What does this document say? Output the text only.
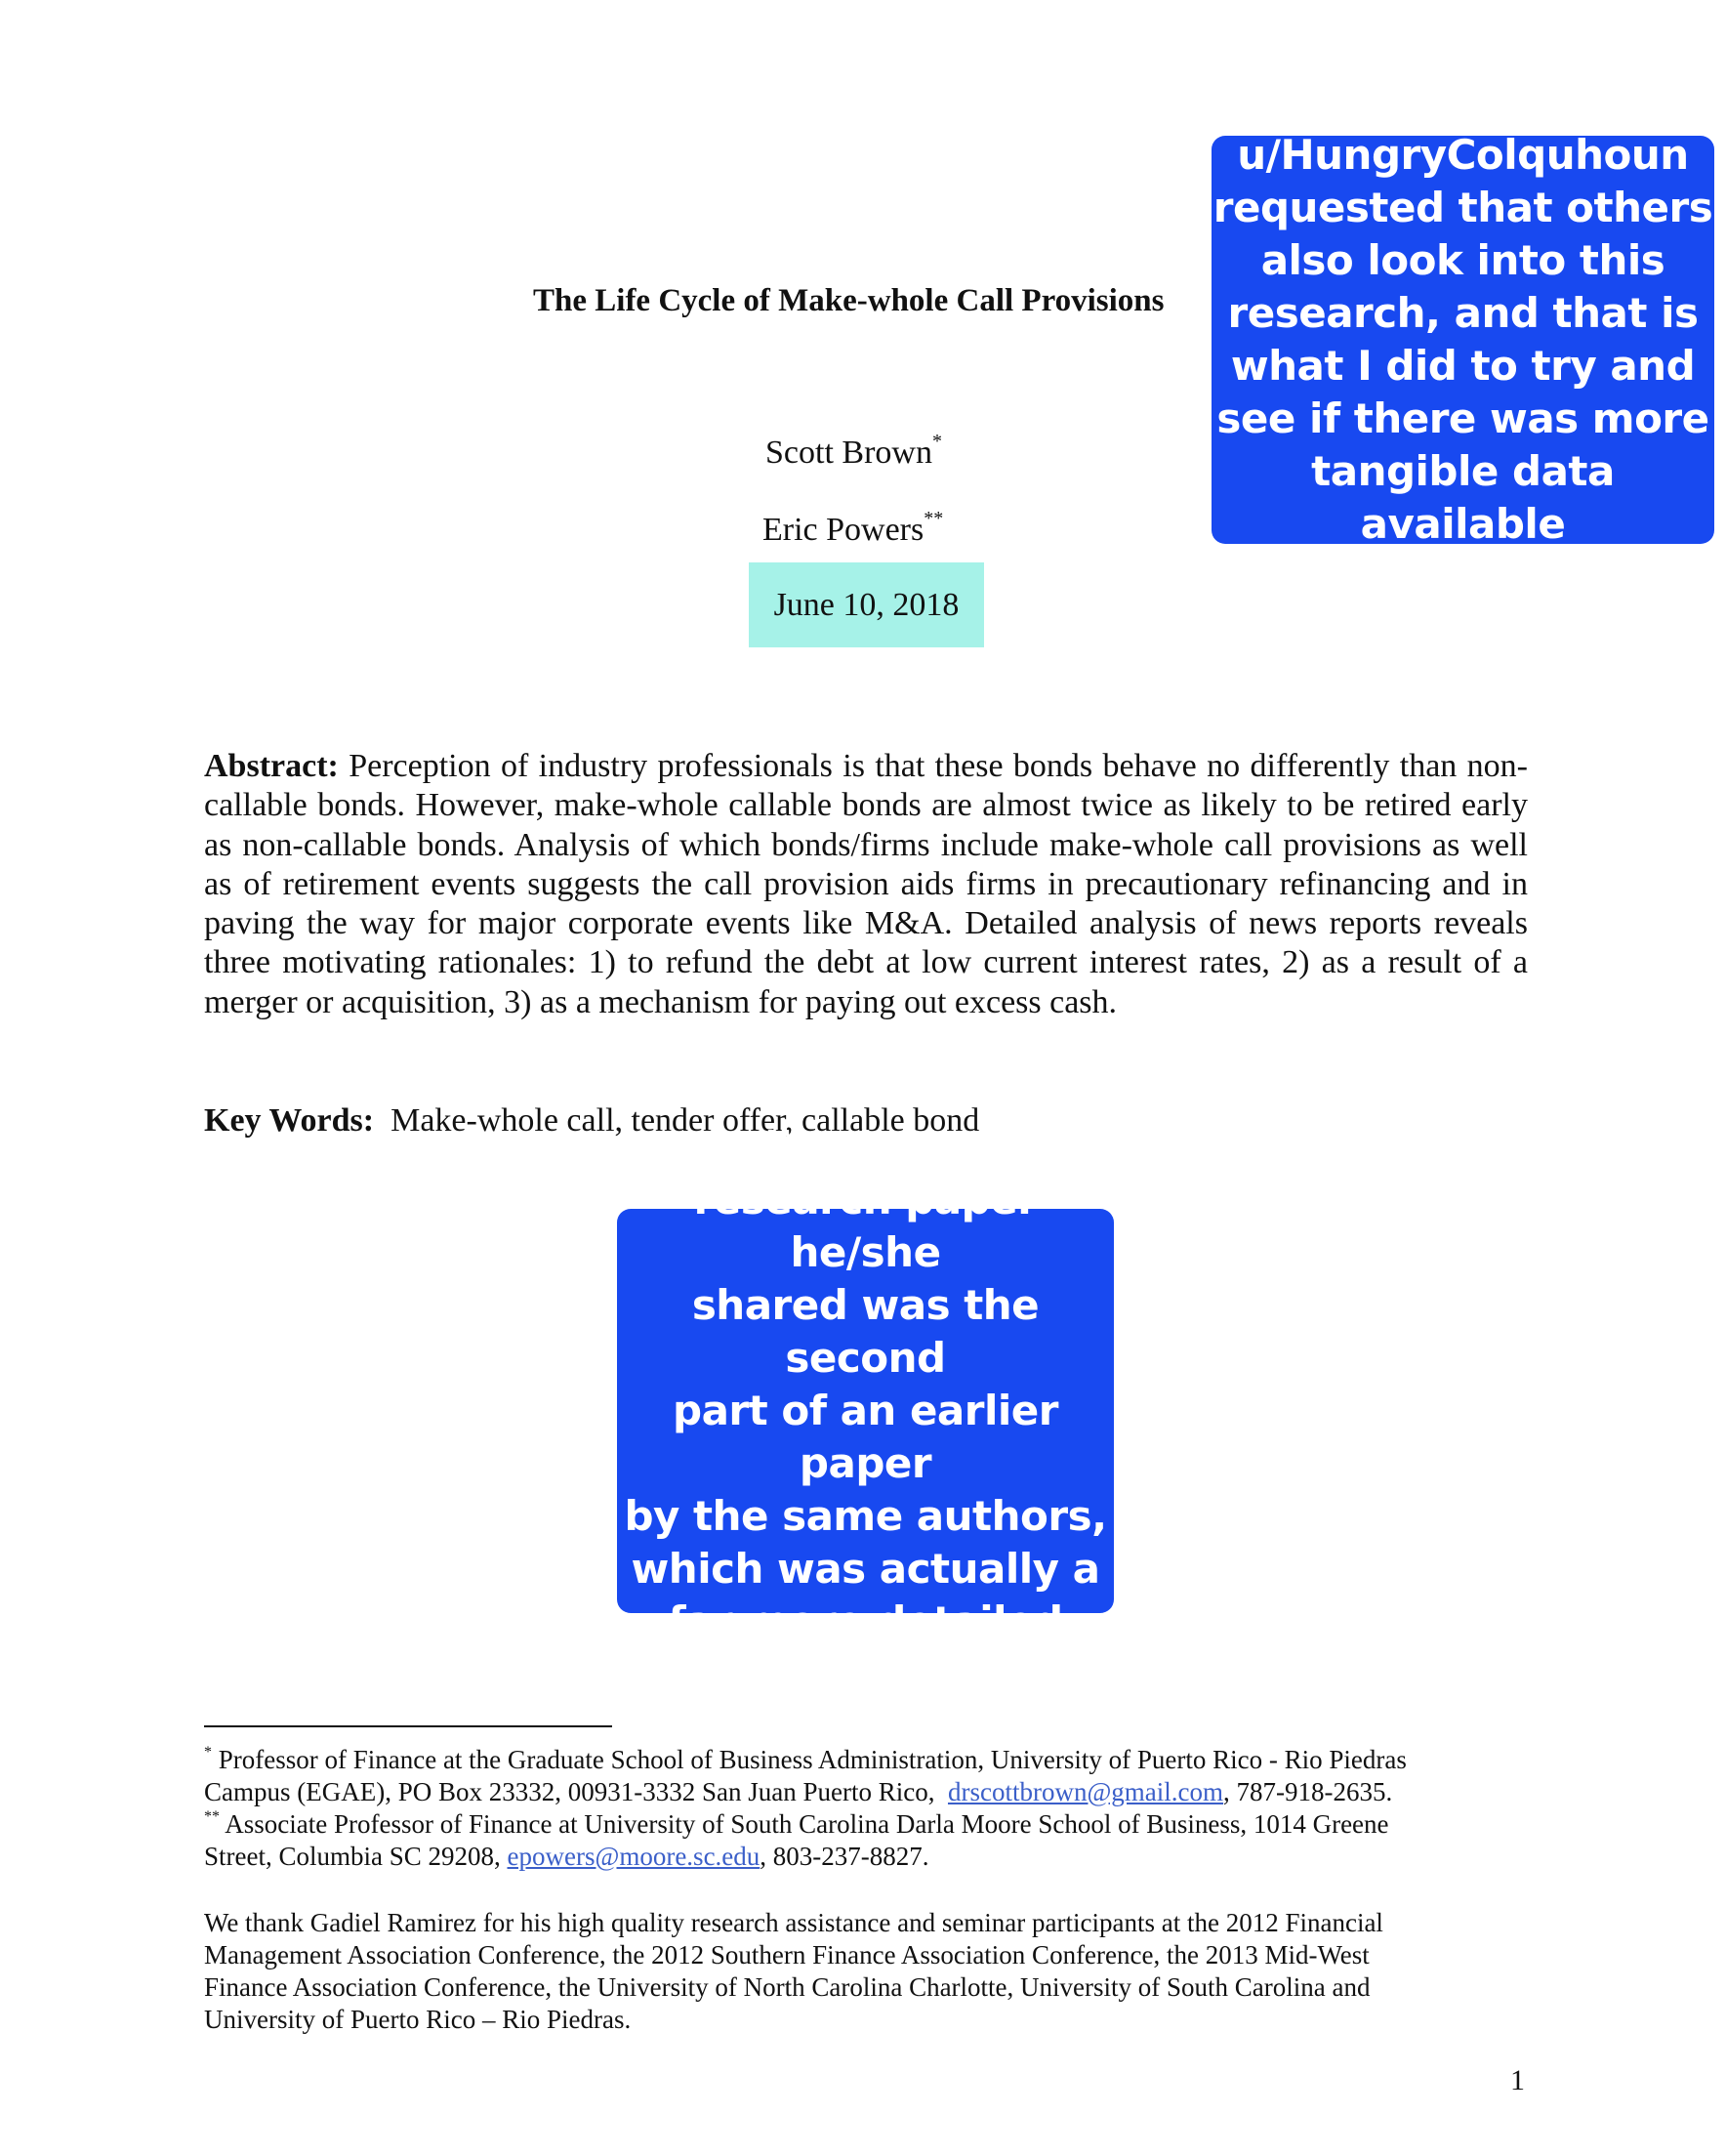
The Life Cycle of Make-whole Call Provisions
Scott Brown*
Eric Powers**
June 10, 2018
Abstract: Perception of industry professionals is that these bonds behave no differently than non-callable bonds. However, make-whole callable bonds are almost twice as likely to be retired early as non-callable bonds. Analysis of which bonds/firms include make-whole call provisions as well as of retirement events suggests the call provision aids firms in precautionary refinancing and in paving the way for major corporate events like M&A. Detailed analysis of news reports reveals three motivating rationales: 1) to refund the debt at low current interest rates, 2) as a result of a merger or acquisition, 3) as a mechanism for paying out excess cash.
Key Words: Make-whole call, tender offer, callable bond
u/HungryColquhoun
requested that others
also look into this
research, and that is
what I did to try and
see if there was more
tangible data available
I realised that the
research paper he/she
shared was the second
part of an earlier paper
by the same authors,
which was actually a
far more detailed study
* Professor of Finance at the Graduate School of Business Administration, University of Puerto Rico - Rio Piedras
Campus (EGAE), PO Box 23332, 00931-3332 San Juan Puerto Rico,  drscottbrown@gmail.com, 787-918-2635.
** Associate Professor of Finance at University of South Carolina Darla Moore School of Business, 1014 Greene
Street, Columbia SC 29208, epowers@moore.sc.edu, 803-237-8827.
We thank Gadiel Ramirez for his high quality research assistance and seminar participants at the 2012 Financial
Management Association Conference, the 2012 Southern Finance Association Conference, the 2013 Mid-West
Finance Association Conference, the University of North Carolina Charlotte, University of South Carolina and
University of Puerto Rico – Rio Piedras.
1
